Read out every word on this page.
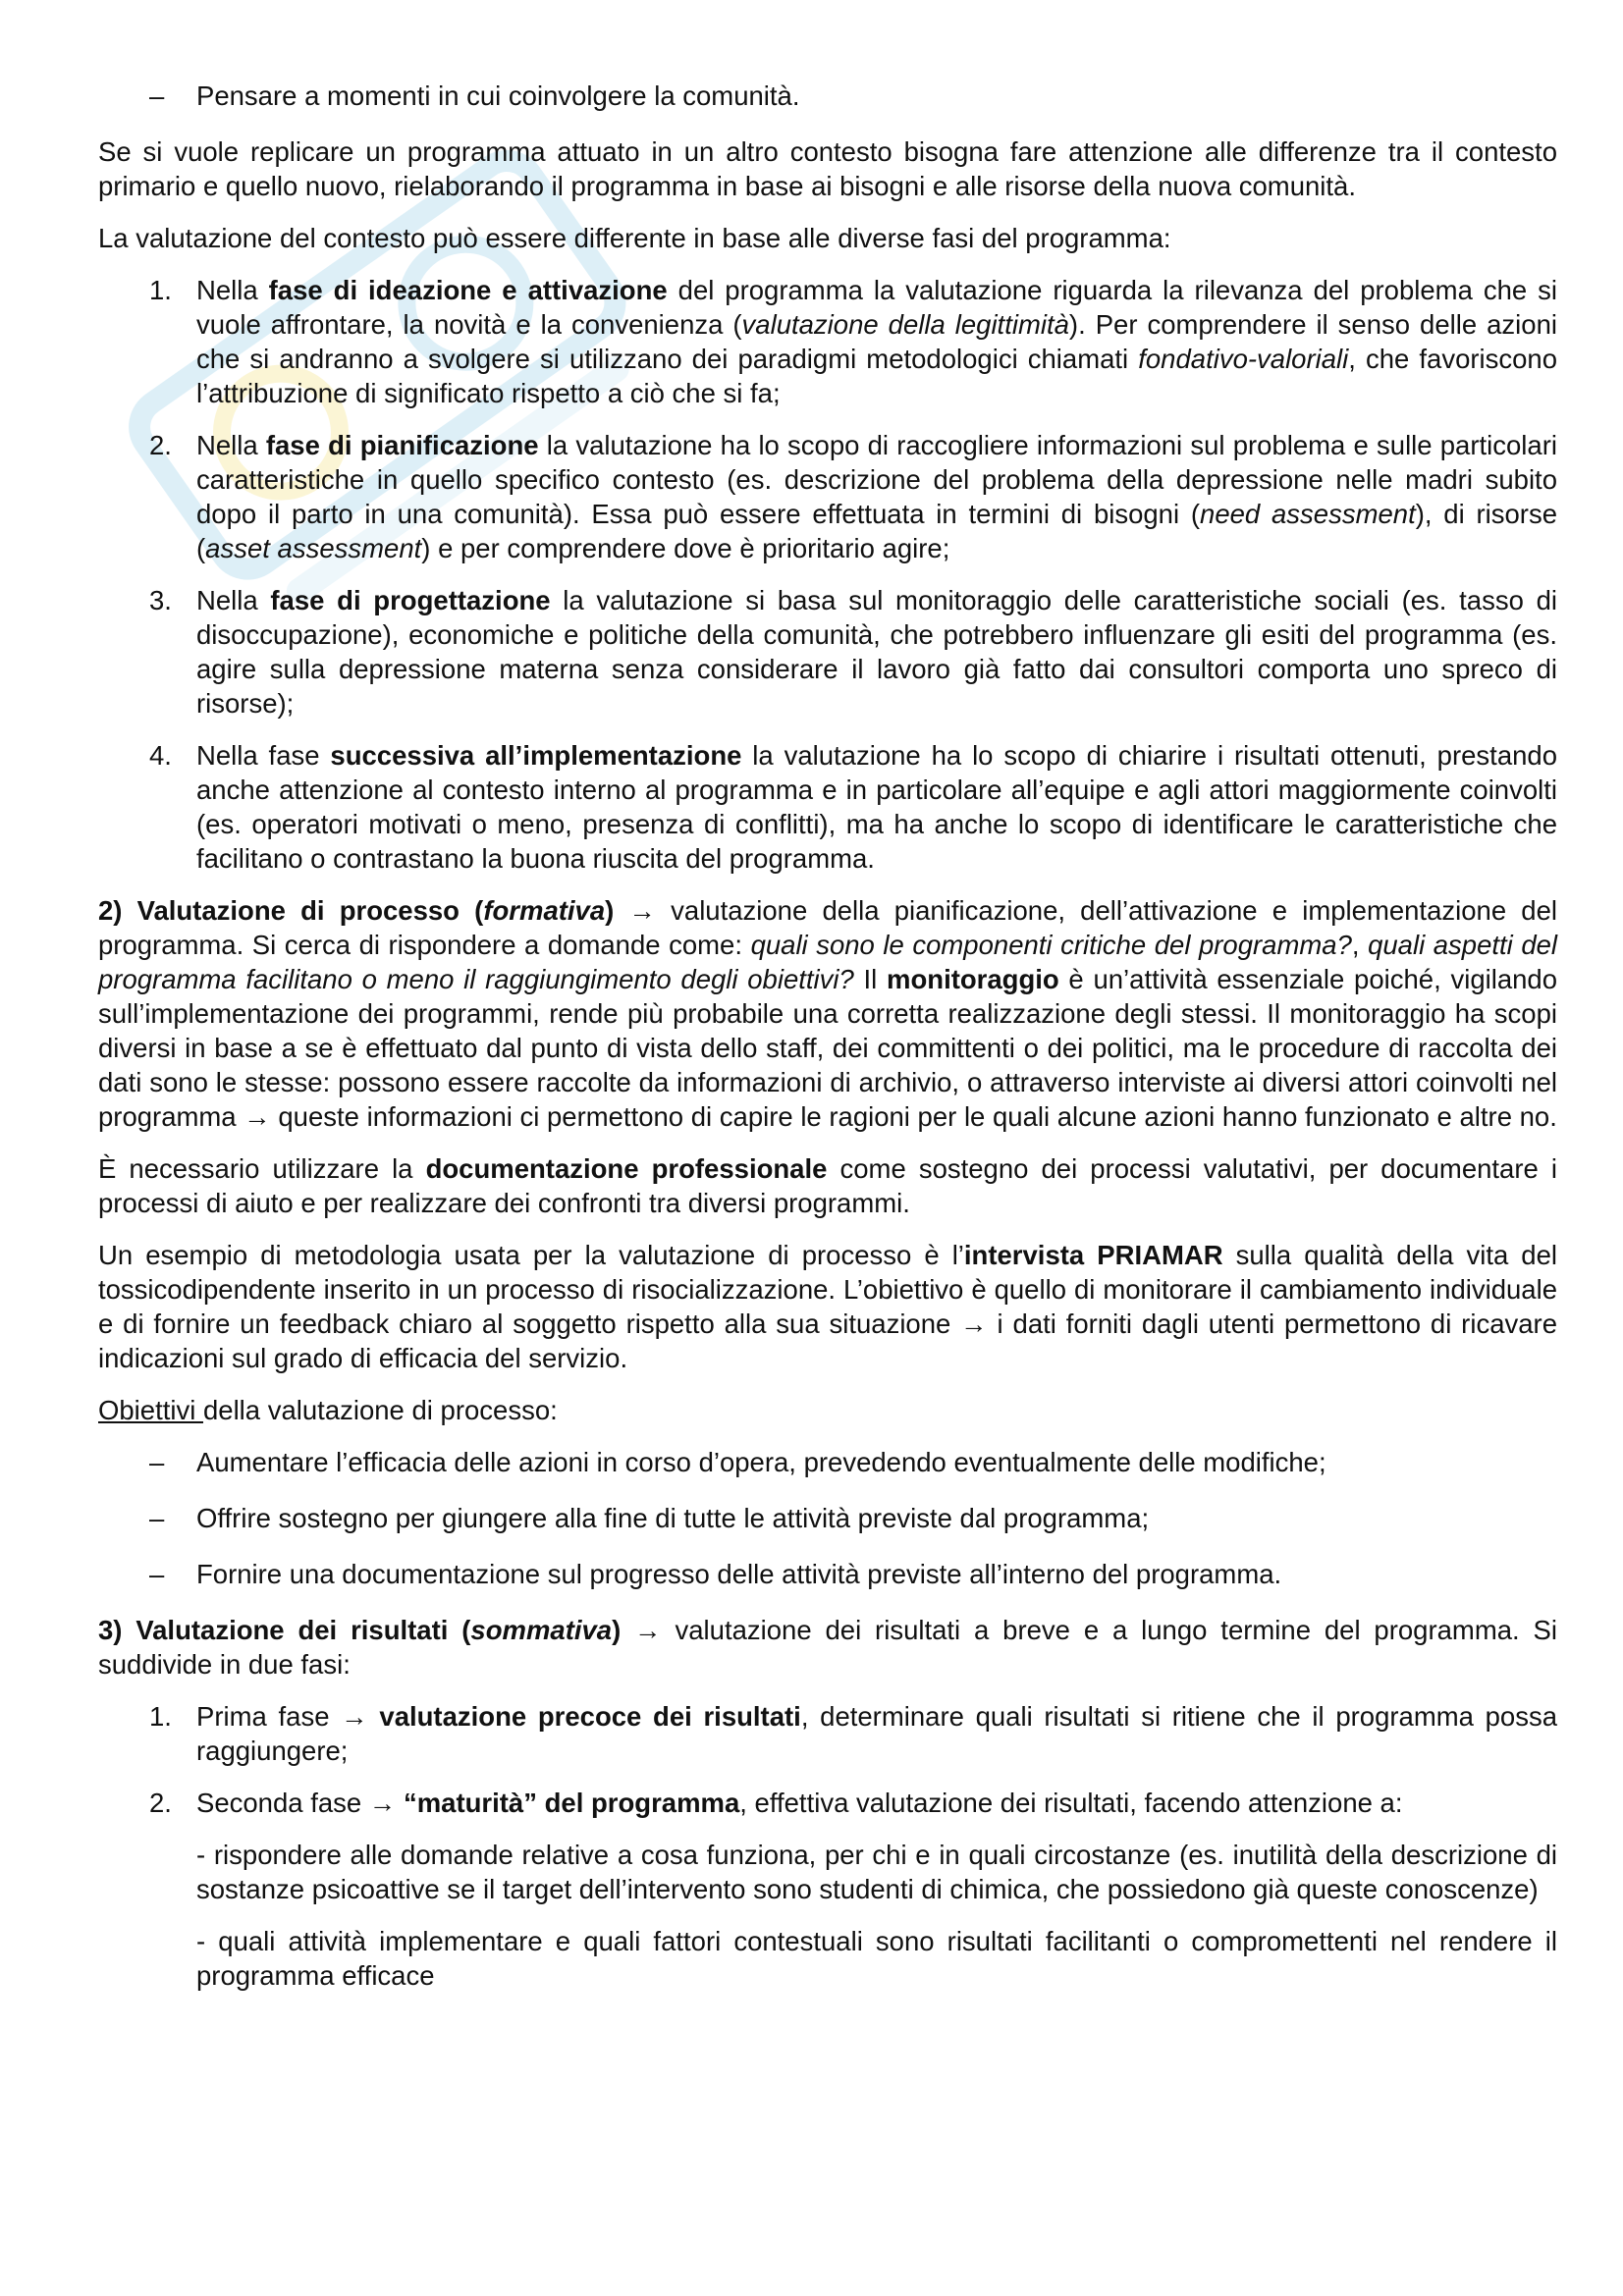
– Pensare a momenti in cui coinvolgere la comunità.

Se si vuole replicare un programma attuato in un altro contesto bisogna fare attenzione alle differenze tra il contesto primario e quello nuovo, rielaborando il programma in base ai bisogni e alle risorse della nuova comunità.

La valutazione del contesto può essere differente in base alle diverse fasi del programma:

1. Nella fase di ideazione e attivazione del programma la valutazione riguarda la rilevanza del problema che si vuole affrontare, la novità e la convenienza (valutazione della legittimità). Per comprendere il senso delle azioni che si andranno a svolgere si utilizzano dei paradigmi metodologici chiamati fondativo-valoriali, che favoriscono l’attribuzione di significato rispetto a ciò che si fa;
2. Nella fase di pianificazione la valutazione ha lo scopo di raccogliere informazioni sul problema e sulle particolari caratteristiche in quello specifico contesto (es. descrizione del problema della depressione nelle madri subito dopo il parto in una comunità). Essa può essere effettuata in termini di bisogni (need assessment), di risorse (asset assessment) e per comprendere dove è prioritario agire;
3. Nella fase di progettazione la valutazione si basa sul monitoraggio delle caratteristiche sociali (es. tasso di disoccupazione), economiche e politiche della comunità, che potrebbero influenzare gli esiti del programma (es. agire sulla depressione materna senza considerare il lavoro già fatto dai consultori comporta uno spreco di risorse);
4. Nella fase successiva all’implementazione la valutazione ha lo scopo di chiarire i risultati ottenuti, prestando anche attenzione al contesto interno al programma e in particolare all’equipe e agli attori maggiormente coinvolti (es. operatori motivati o meno, presenza di conflitti), ma ha anche lo scopo di identificare le caratteristiche che facilitano o contrastano la buona riuscita del programma.

2) Valutazione di processo (formativa) → valutazione della pianificazione, dell’attivazione e implementazione del programma. Si cerca di rispondere a domande come: quali sono le componenti critiche del programma?, quali aspetti del programma facilitano o meno il raggiungimento degli obiettivi? Il monitoraggio è un’attività essenziale poiché, vigilando sull’implementazione dei programmi, rende più probabile una corretta realizzazione degli stessi. Il monitoraggio ha scopi diversi in base a se è effettuato dal punto di vista dello staff, dei committenti o dei politici, ma le procedure di raccolta dei dati sono le stesse: possono essere raccolte da informazioni di archivio, o attraverso interviste ai diversi attori coinvolti nel programma → queste informazioni ci permettono di capire le ragioni per le quali alcune azioni hanno funzionato e altre no.

È necessario utilizzare la documentazione professionale come sostegno dei processi valutativi, per documentare i processi di aiuto e per realizzare dei confronti tra diversi programmi.

Un esempio di metodologia usata per la valutazione di processo è l’intervista PRIAMAR sulla qualità della vita del tossicodipendente inserito in un processo di risocializzazione. L’obiettivo è quello di monitorare il cambiamento individuale e di fornire un feedback chiaro al soggetto rispetto alla sua situazione → i dati forniti dagli utenti permettono di ricavare indicazioni sul grado di efficacia del servizio.

Obiettivi della valutazione di processo:

– Aumentare l’efficacia delle azioni in corso d’opera, prevedendo eventualmente delle modifiche;
– Offrire sostegno per giungere alla fine di tutte le attività previste dal programma;
– Fornire una documentazione sul progresso delle attività previste all’interno del programma.

3) Valutazione dei risultati (sommativa) → valutazione dei risultati a breve e a lungo termine del programma. Si suddivide in due fasi:

1. Prima fase → valutazione precoce dei risultati, determinare quali risultati si ritiene che il programma possa raggiungere;
2. Seconda fase → “maturità” del programma, effettiva valutazione dei risultati, facendo attenzione a:
- rispondere alle domande relative a cosa funziona, per chi e in quali circostanze (es. inutilità della descrizione di sostanze psicoattive se il target dell’intervento sono studenti di chimica, che possiedono già queste conoscenze)
- quali attività implementare e quali fattori contestuali sono risultati facilitanti o compromettenti nel rendere il programma efficace
